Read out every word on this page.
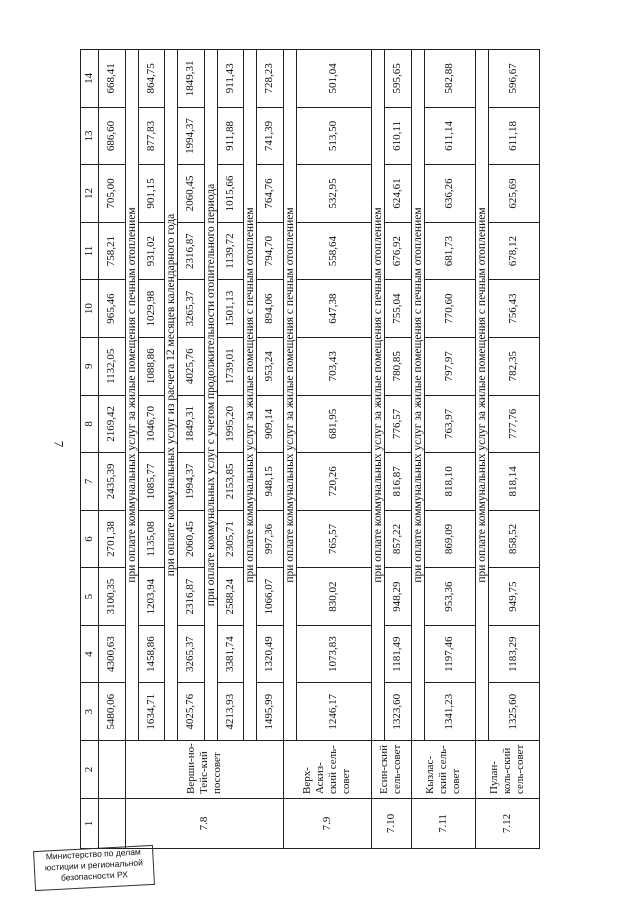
7
1	2	3	4	5	6	7	8	9	10	11	12	13	14
		5480,06	4300,63	3100,35	2701,38	2435,39	2169,42	1132,05	965,46	758,21	705,00	686,60	668,41
7.8	Верши-но-Тейс-кий поссовет	при оплате коммунальных услуг за жилые помещения с печным отоплением											
		1634,71	1458,86	1203,94	1135,08	1085,77	1046,70	1088,86	1029,98	931,02	901,15	877,83	864,75
		при оплате коммунальных услуг из расчета 12 месяцев календарного года											
		4025,76	3265,37	2316,87	2060,45	1994,37	1849,31	4025,76	3265,37	2316,87	2060,45	1994,37	1849,31
		при оплате коммунальных услуг с учетом продолжительности отопительного периода											
		4213,93	3381,74	2588,24	2305,71	2153,85	1995,20	1739,01	1501,13	1139,72	1015,66	911,88	911,43
		при оплате коммунальных услуг за жилые помещения с печным отоплением											
		1495,99	1320,49	1066,07	997,36	948,15	909,14	953,24	894,06	794,70	764,76	741,39	728,23
7.9	Верх-Аскиз-ский сель-совет	при оплате коммунальных услуг за жилые помещения с печным отоплением											
		1246,17	1073,83	830,02	765,57	720,26	681,95	703,43	647,38	558,64	532,95	513,50	501,04
7.10	Есин-ский сель-совет	при оплате коммунальных услуг за жилые помещения с печным отоплением											
		1323,60	1181,49	948,29	857,22	816,87	776,57	780,85	755,04	676,92	624,61	610,11	595,65
7.11	Кызлас-ский сель-совет	при оплате коммунальных услуг за жилые помещения с печным отоплением											
		1341,23	1197,46	953,36	869,09	818,10	763,97	797,97	770,60	681,73	636,26	611,14	582,88
7.12	Пулан-коль-ский сель-совет	при оплате коммунальных услуг за жилые помещения с печным отоплением											
		1325,60	1183,29	949,75	858,52	818,14	777,76	782,35	756,43	678,12	625,69	611,18	596,67
Министерство по делам
юстиции и региональной
безопасности РХ
